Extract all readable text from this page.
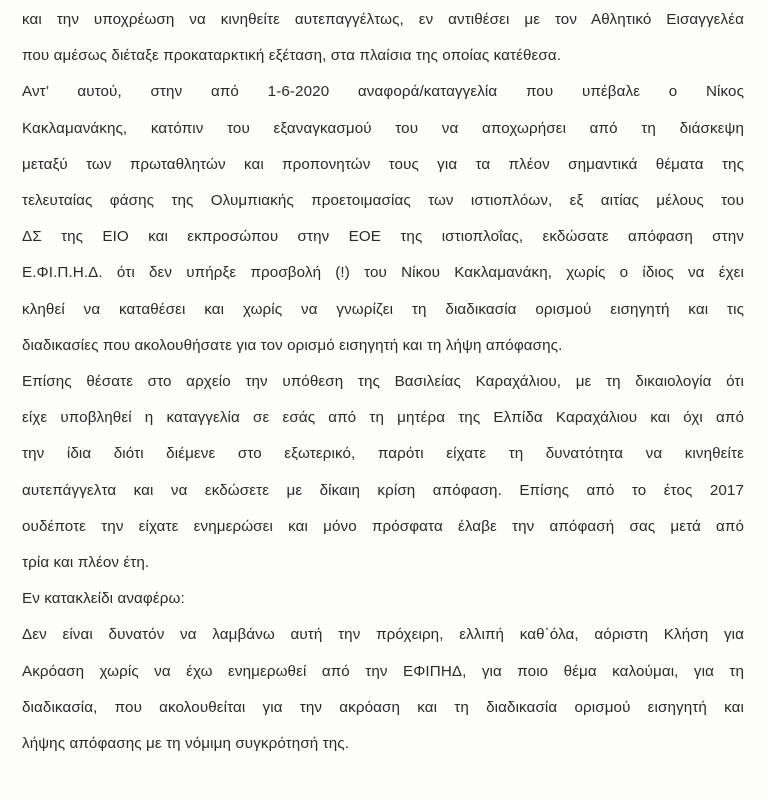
και την υποχρέωση να κινηθείτε αυτεπαγγέλτως, εν αντιθέσει με τον Αθλητικό Εισαγγελέα
που αμέσως διέταξε προκαταρκτική εξέταση, στα πλαίσια της οποίας κατέθεσα.
Αντ’ αυτού, στην από 1-6-2020 αναφορά/καταγγελία που υπέβαλε ο Νίκος
Κακλαμανάκης, κατόπιν του εξαναγκασμού του να αποχωρήσει από τη διάσκεψη
μεταξύ των πρωταθλητών και προπονητών τους για τα πλέον σημαντικά θέματα της
τελευταίας φάσης της Ολυμπιακής προετοιμασίας των ιστιοπλόων, εξ αιτίας μέλους του
ΔΣ της ΕΙΟ και εκπροσώπου στην ΕΟΕ της ιστιοπλοΐας, εκδώσατε απόφαση στην
Ε.ΦΙ.Π.Η.Δ. ότι δεν υπήρξε προσβολή (!) του Νίκου Κακλαμανάκη, χωρίς ο ίδιος να έχει
κληθεί να καταθέσει και χωρίς να γνωρίζει τη διαδικασία ορισμού εισηγητή και τις
διαδικασίες που ακολουθήσατε για τον ορισμό εισηγητή και τη λήψη απόφασης.
Επίσης θέσατε στο αρχείο την υπόθεση της Βασιλείας Καραχάλιου, με τη δικαιολογία ότι
είχε υποβληθεί η καταγγελία σε εσάς από τη μητέρα της Ελπίδα Καραχάλιου και όχι από
την ίδια διότι διέμενε στο εξωτερικό, παρότι είχατε τη δυνατότητα να κινηθείτε
αυτεπάγγελτα και να εκδώσετε με δίκαιη κρίση απόφαση. Επίσης από το έτος 2017
ουδέποτε την είχατε ενημερώσει και μόνο πρόσφατα έλαβε την απόφασή σας μετά από
τρία και πλέον έτη.
Εν κατακλείδι αναφέρω:
Δεν είναι δυνατόν να λαμβάνω αυτή την πρόχειρη, ελλιπή καθ΄όλα, αόριστη Κλήση για
Ακρόαση χωρίς να έχω ενημερωθεί από την ΕΦΙΠΗΔ, για ποιο θέμα καλούμαι, για τη
διαδικασία, που ακολουθείται για την ακρόαση και τη διαδικασία ορισμού εισηγητή και
λήψης απόφασης με τη νόμιμη συγκρότησή της.
